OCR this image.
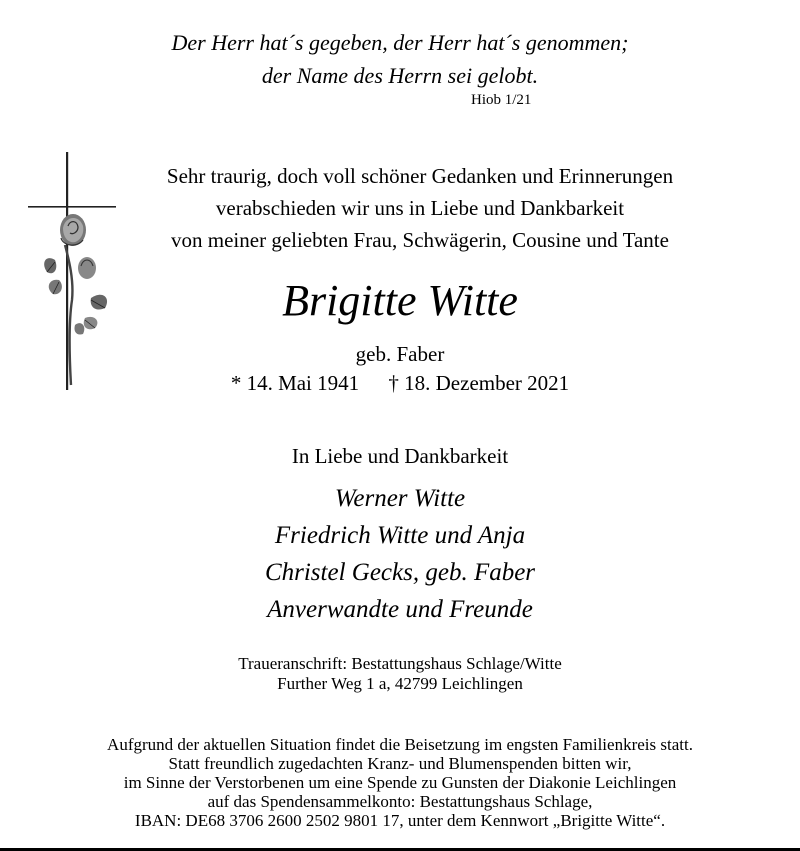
Der Herr hat´s gegeben, der Herr hat´s genommen;
der Name des Herrn sei gelobt.
Hiob 1/21
Sehr traurig, doch voll schöner Gedanken und Erinnerungen
verabschieden wir uns in Liebe und Dankbarkeit
von meiner geliebten Frau, Schwägerin, Cousine und Tante
Brigitte Witte
geb. Faber
* 14. Mai 1941 † 18. Dezember 2021
In Liebe und Dankbarkeit
Werner Witte
Friedrich Witte und Anja
Christel Gecks, geb. Faber
Anverwandte und Freunde
Traueranschrift: Bestattungshaus Schlage/Witte
Further Weg 1 a, 42799 Leichlingen
Aufgrund der aktuellen Situation findet die Beisetzung im engsten Familienkreis statt.
Statt freundlich zugedachten Kranz- und Blumenspenden bitten wir,
im Sinne der Verstorbenen um eine Spende zu Gunsten der Diakonie Leichlingen
auf das Spendensammelkonto: Bestattungshaus Schlage,
IBAN: DE68 3706 2600 2502 9801 17, unter dem Kennwort „Brigitte Witte“.
